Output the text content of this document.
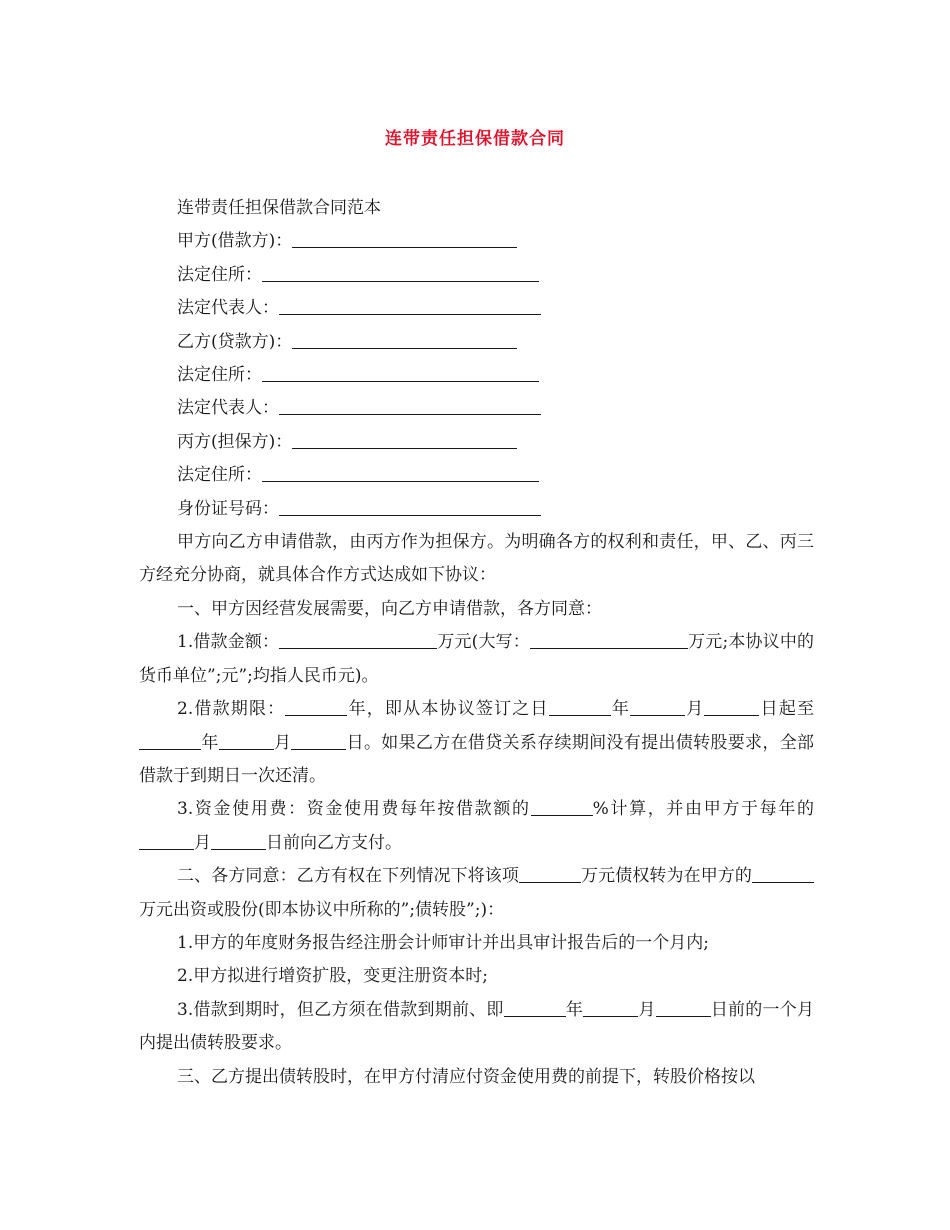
连带责任担保借款合同

连带责任担保借款合同范本

甲方(借款方)：

法定住所：

法定代表人：

乙方(贷款方)：

法定住所：

法定代表人：

丙方(担保方)：

法定住所：

身份证号码：

甲方向乙方申请借款，由丙方作为担保方。为明确各方的权利和责任，甲、乙、丙三方经充分协商，就具体合作方式达成如下协议：

一、甲方因经营发展需要，向乙方申请借款，各方同意：

1.借款金额：	万元(大写：	万元;本协议中的货币单位”;元”;均指人民币元)。

2.借款期限：	年，即从本协议签订之日	年	月	日起至年	月	日。如果乙方在借贷关系存续期间没有提出债转股要求，全部借款于到期日一次还清。

3.资金使用费：资金使用费每年按借款额的	%计算，并由甲方于每年的月	日前向乙方支付。

二、各方同意：乙方有权在下列情况下将该项	万元债权转为在甲方的万元出资或股份(即本协议中所称的”;债转股”;)：

1.甲方的年度财务报告经注册会计师审计并出具审计报告后的一个月内;

2.甲方拟进行增资扩股，变更注册资本时;

3.借款到期时，但乙方须在借款到期前、即	年	月	日前的一个月内提出债转股要求。

三、乙方提出债转股时，在甲方付清应付资金使用费的前提下，转股价格按以
